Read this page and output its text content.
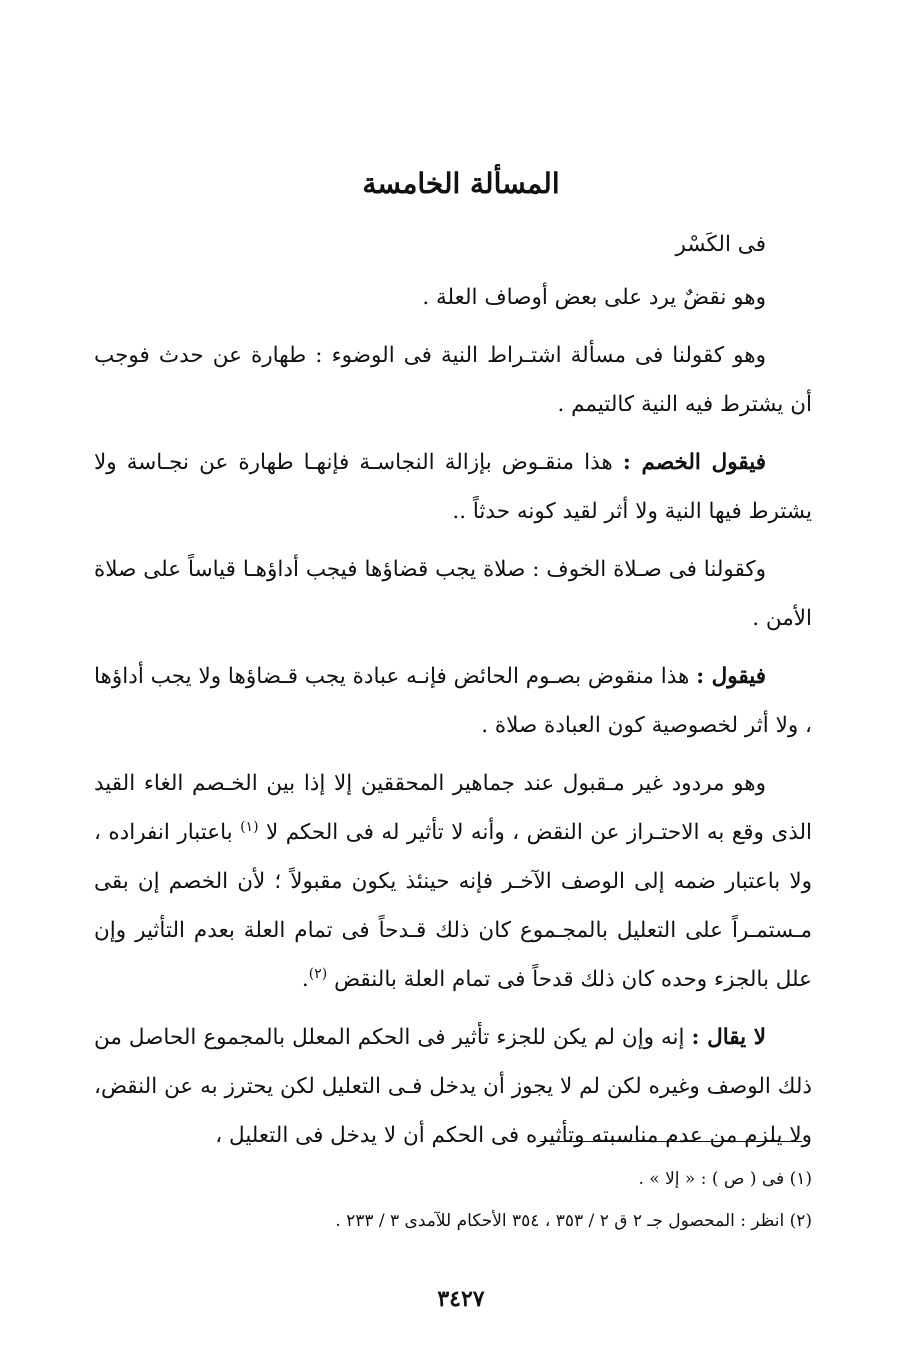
المسألة الخامسة

فى الكَسْر

وهو نقضٌ يرد على بعض أوصاف العلة .

وهو كقولنا فى مسألة اشتـراط النية فى الوضوء : طهارة عن حدث فوجب أن يشترط فيه النية كالتيمم .

فيقول الخصم : هذا منقـوض بإزالة النجاسـة فإنهـا طهارة عن نجـاسة ولا يشترط فيها النية ولا أثر لقيد كونه حدثاً ..

وكقولنا فى صـلاة الخوف : صلاة يجب قضاؤها فيجب أداؤهـا قياساً على صلاة الأمن .

فيقول : هذا منقوض بصـوم الحائض فإنـه عبادة يجب قـضاؤها ولا يجب أداؤها ، ولا أثر لخصوصية كون العبادة صلاة .

وهو مردود غير مـقبول عند جماهير المحققين إلا إذا بين الخـصم الغاء القيد الذى وقع به الاحتـراز عن النقض ، وأنه لا تأثير له فى الحكم لا $^{(١)}$ باعتبار انفراده ، ولا باعتبار ضمه إلى الوصف الآخـر فإنه حينئذ يكون مقبولاً ؛ لأن الخصم إن بقى مـستمـراً على التعليل بالمجـموع كان ذلك قـدحاً فى تمام العلة بعدم التأثير وإن علل بالجزء وحده كان ذلك قدحاً فى تمام العلة بالنقض $^{(٢)}$.

لا يقال : إنه وإن لم يكن للجزء تأثير فى الحكم المعلل بالمجموع الحاصل من ذلك الوصف وغيره لكن لم لا يجوز أن يدخل فـى التعليل لكن يحترز به عن النقض، ولا يلزم من عدم مناسبته وتأثيره فى الحكم أن لا يدخل فى التعليل ،

(١) فى ( ص ) : « إلا » .

(٢) انظر : المحصول جـ ٢ ق ٢ / ٣٥٣ ، ٣٥٤ الأحكام للآمدى ٣ / ٢٣٣ .

٣٤٢٧
